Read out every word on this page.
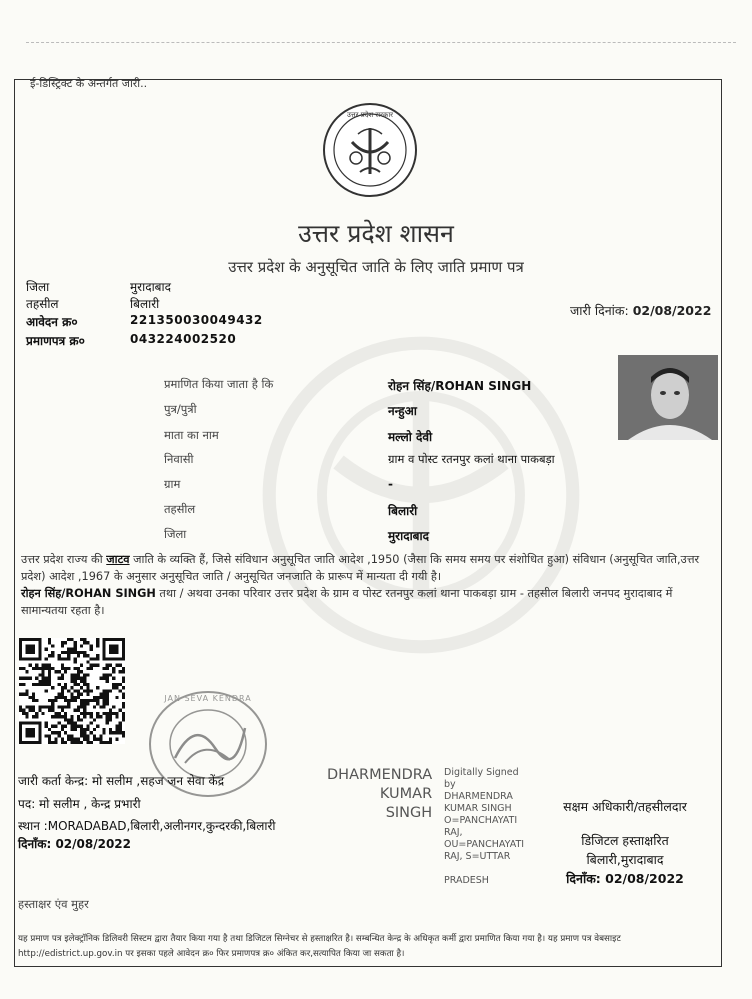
ई-डिस्ट्रिक्ट के अन्तर्गत जारी..
उत्तर प्रदेश सरकार
उत्तर प्रदेश शासन
उत्तर प्रदेश के अनुसूचित जाति के लिए जाति प्रमाण पत्र
जिला	मुरादाबाद
तहसील	बिलारी
आवेदन क्र०	221350030049432
प्रमाणपत्र क्र०	043224002520
जारी दिनांक: 02/08/2022
प्रमाणित किया जाता है कि	रोहन सिंह/ROHAN SINGH
पुत्र/पुत्री	नन्हुआ
माता का नाम	मल्लो देवी
निवासी	ग्राम व पोस्ट रतनपुर कलां थाना पाकबड़ा
ग्राम	-
तहसील	बिलारी
जिला	मुरादाबाद
उत्तर प्रदेश राज्य की जाटव जाति के व्यक्ति हैं, जिसे संविधान अनुसूचित जाति आदेश ,1950 (जैसा कि समय समय पर संशोधित हुआ) संविधान (अनुसूचित जाति,उत्तर प्रदेश) आदेश ,1967 के अनुसार अनुसूचित जाति / अनुसूचित जनजाति के प्रारूप में मान्यता दी गयी है।
रोहन सिंह/ROHAN SINGH तथा / अथवा उनका परिवार उत्तर प्रदेश के ग्राम व पोस्ट रतनपुर कलां थाना पाकबड़ा ग्राम - तहसील बिलारी जनपद मुरादाबाद में सामान्यतया रहता है।
JAN SEVA KENDRA
जारी कर्ता केन्द्र: मो सलीम ,सहज जन सेवा केंद्र
पद: मो सलीम , केन्द्र प्रभारी
स्थान :MORADABAD,बिलारी,अलीनगर,कुन्दरकी,बिलारी
दिनाँक: 02/08/2022
DHARMENDRA
KUMAR
SINGH
Digitally Signed
by
DHARMENDRA
KUMAR SINGH
O=PANCHAYATI
RAJ,
OU=PANCHAYATI
RAJ, S=UTTAR
PRADESH
सक्षम अधिकारी/तहसीलदार
डिजिटल हस्ताक्षरित
बिलारी,मुरादाबाद
दिनाँक: 02/08/2022
हस्ताक्षर एंव मुहर
यह प्रमाण पत्र इलेक्ट्रॉनिक डिलिवरी सिस्टम द्वारा तैयार किया गया है तथा डिजिटल सिग्नेचर से हस्ताक्षरित है। सम्बन्धित केन्द्र के अधिकृत कर्मी द्वारा प्रमाणित किया गया है। यह प्रमाण पत्र वेबसाइट http://edistrict.up.gov.in पर इसका पहले आवेदन क्र० फिर प्रमाणपत्र क्र० अंकित कर,सत्यापित किया जा सकता है।
